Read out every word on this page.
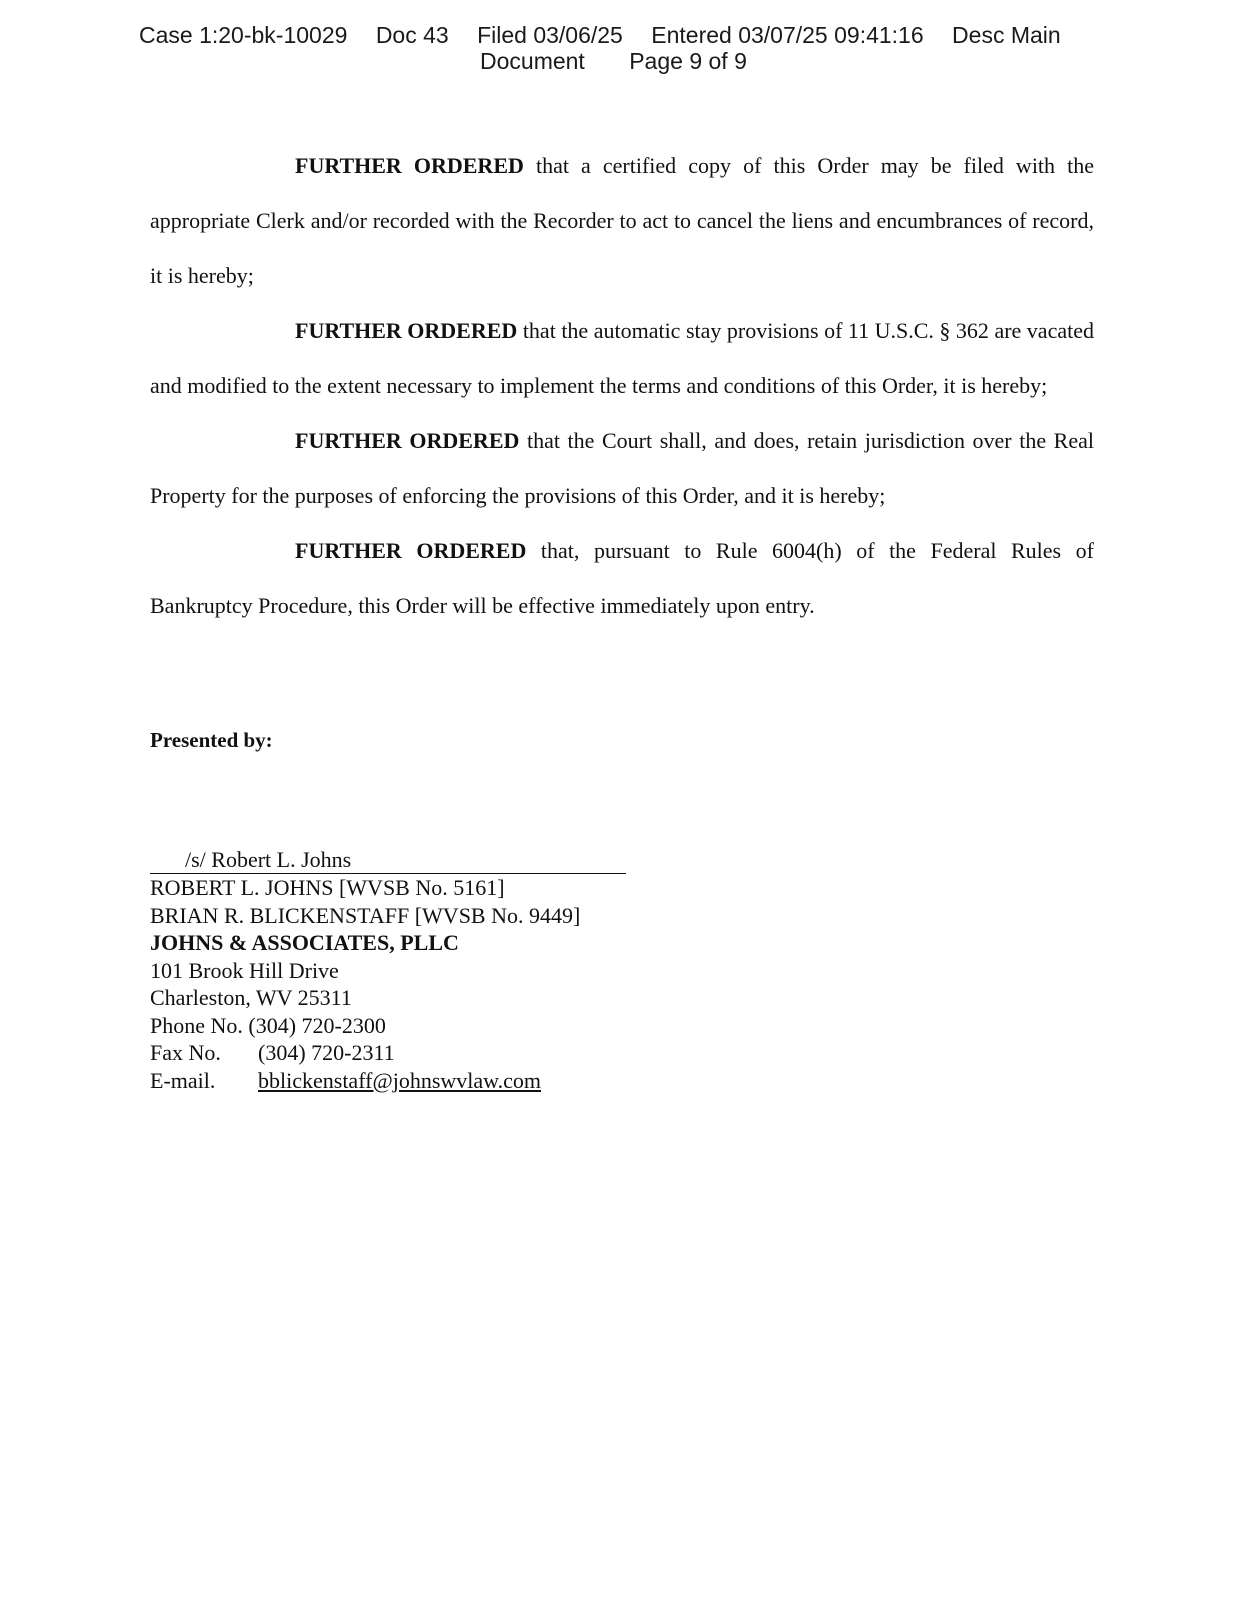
Case 1:20-bk-10029 Doc 43 Filed 03/06/25 Entered 03/07/25 09:41:16 Desc Main
Document Page 9 of 9

FURTHER ORDERED that a certified copy of this Order may be filed with the appropriate Clerk and/or recorded with the Recorder to act to cancel the liens and encumbrances of record, it is hereby;

FURTHER ORDERED that the automatic stay provisions of 11 U.S.C. § 362 are vacated and modified to the extent necessary to implement the terms and conditions of this Order, it is hereby;

FURTHER ORDERED that the Court shall, and does, retain jurisdiction over the Real Property for the purposes of enforcing the provisions of this Order, and it is hereby;

FURTHER ORDERED that, pursuant to Rule 6004(h) of the Federal Rules of Bankruptcy Procedure, this Order will be effective immediately upon entry.

Presented by:
/s/ Robert L. Johns
ROBERT L. JOHNS [WVSB No. 5161]
BRIAN R. BLICKENSTAFF [WVSB No. 9449]
JOHNS & ASSOCIATES, PLLC
101 Brook Hill Drive
Charleston, WV 25311
Phone No. (304) 720-2300
Fax No. (304) 720-2311
E-mail. bblickenstaff@johnswvlaw.com
